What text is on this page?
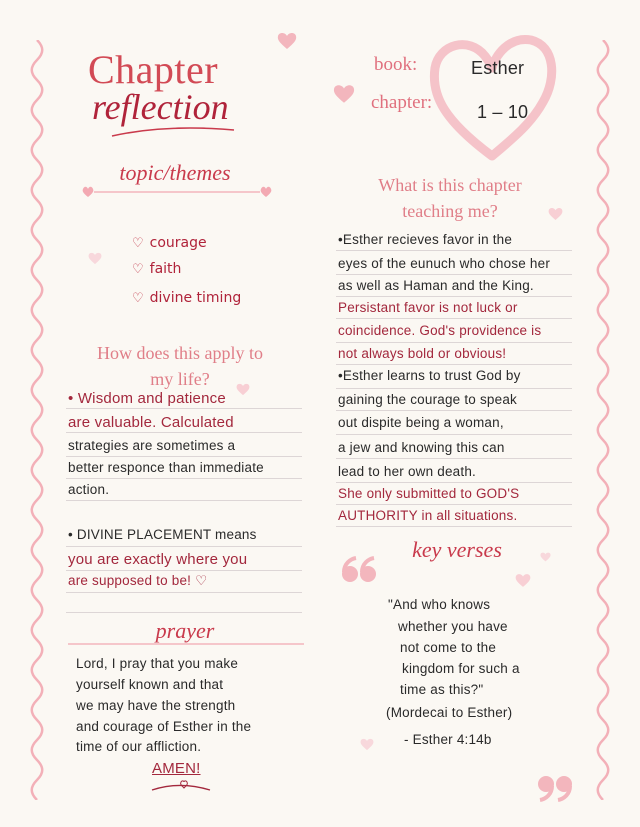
Chapter
reflection
book:	Esther
chapter: 1 – 10
topic/themes
♡ courage
♡ faith
♡ divine timing
How does this apply to
my life?
• Wisdom and patience
are valuable. Calculated
strategies are sometimes a
better responce than immediate
action.
• DIVINE PLACEMENT means
you are exactly where you
are supposed to be! ♡
prayer
Lord, I pray that you make
yourself known and that
we may have the strength
and courage of Esther in the
time of our affliction.
AMEN!
What is this chapter
teaching me?
•Esther recieves favor in the
eyes of the eunuch who chose her
as well as Haman and the King.
Persistant favor is not luck or
coincidence. God's providence is
not always bold or obvious!
•Esther learns to trust God by
gaining the courage to speak
out dispite being a woman,
a jew and knowing this can
lead to her own death.
She only submitted to GOD'S
AUTHORITY in all situations.
key verses
"And who knows
whether you have
not come to the
kingdom for such a
time as this?"
(Mordecai to Esther)
- Esther 4:14b
